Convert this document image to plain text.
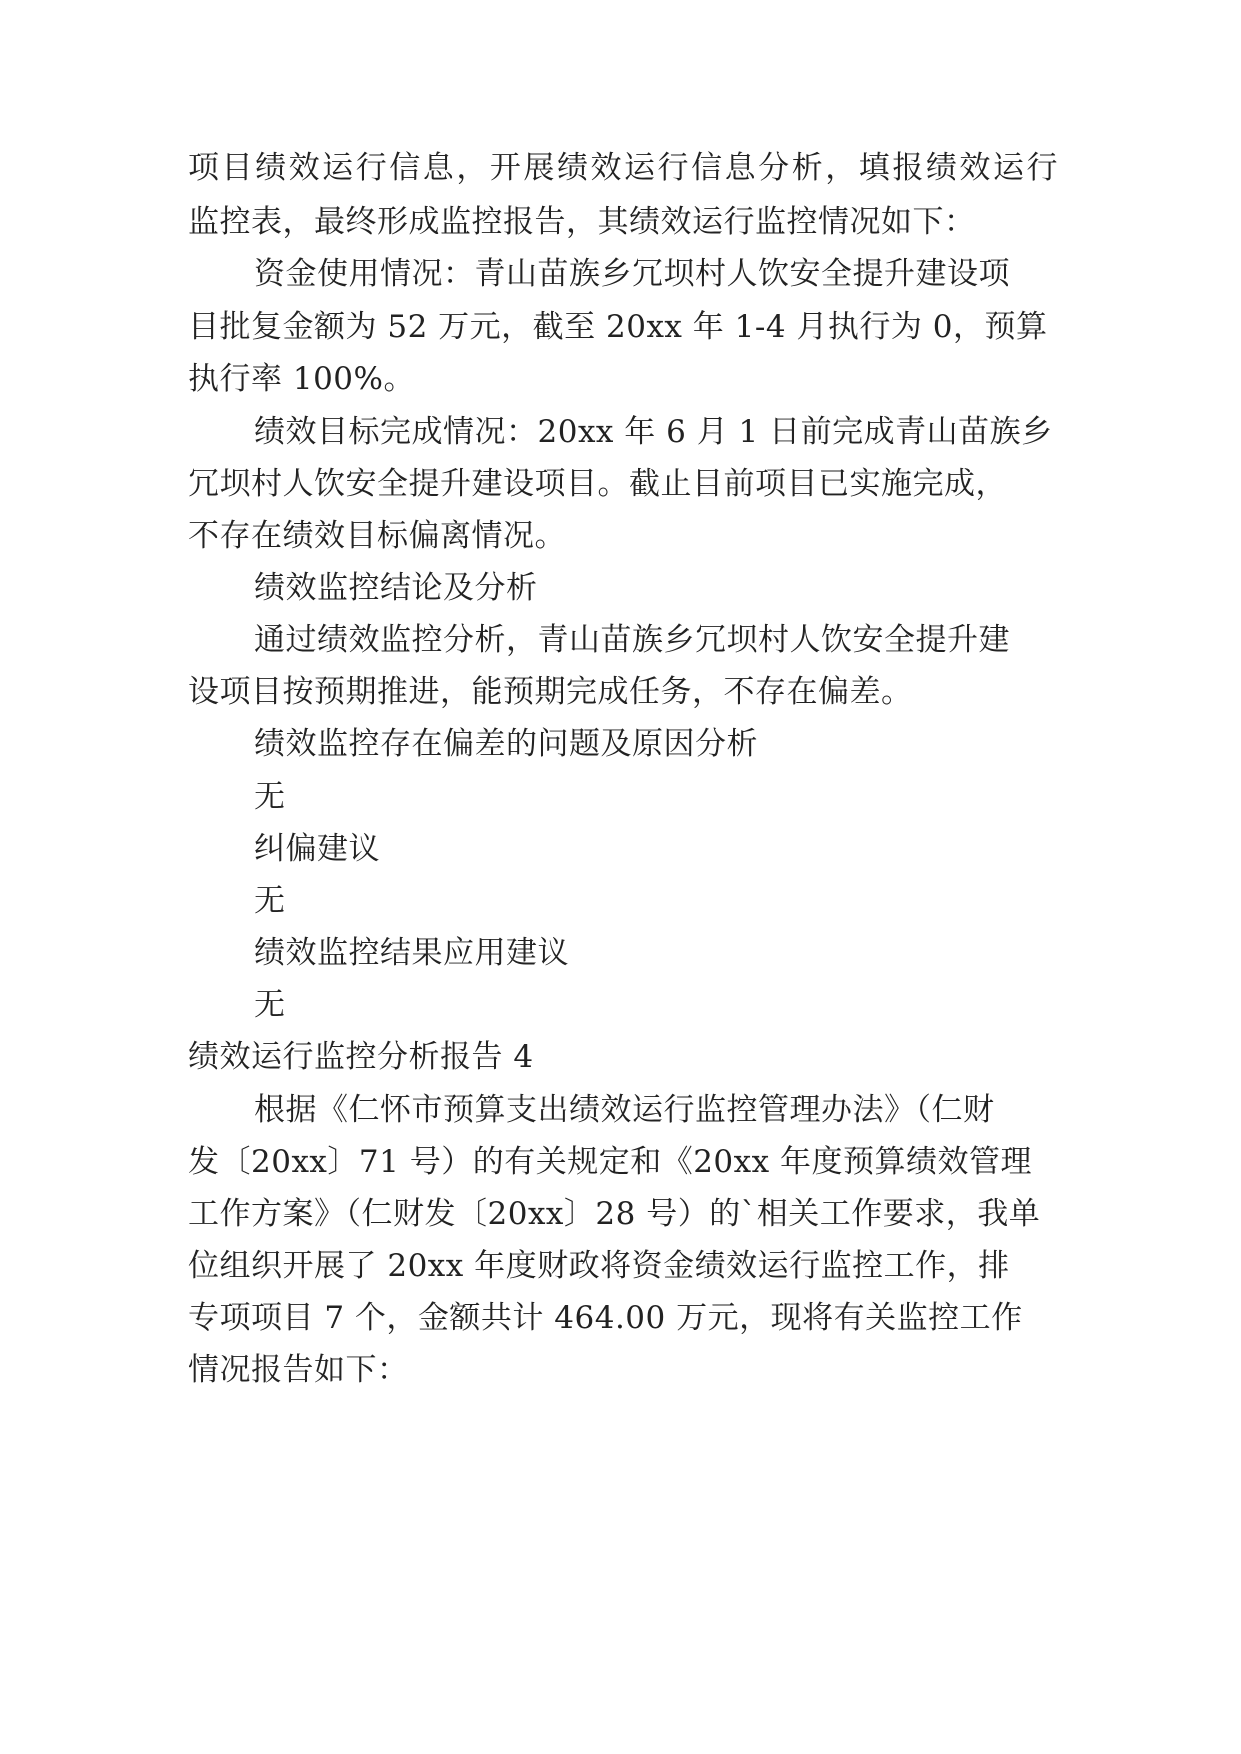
项目绩效运行信息，开展绩效运行信息分析，填报绩效运行
监控表，最终形成监控报告，其绩效运行监控情况如下：
资金使用情况：青山苗族乡冗坝村人饮安全提升建设项
目批复金额为 52 万元，截至 20xx 年 1-4 月执行为 0，预算
执行率 100%。
绩效目标完成情况：20xx 年 6 月 1 日前完成青山苗族乡
冗坝村人饮安全提升建设项目。截止目前项目已实施完成，
不存在绩效目标偏离情况。
绩效监控结论及分析
通过绩效监控分析，青山苗族乡冗坝村人饮安全提升建
设项目按预期推进，能预期完成任务，不存在偏差。
绩效监控存在偏差的问题及原因分析
无
纠偏建议
无
绩效监控结果应用建议
无
绩效运行监控分析报告 4
根据《仁怀市预算支出绩效运行监控管理办法》（仁财
发〔20xx〕71 号）的有关规定和《20xx 年度预算绩效管理
工作方案》（仁财发〔20xx〕28 号）的`相关工作要求，我单
位组织开展了 20xx 年度财政将资金绩效运行监控工作，排
专项项目 7 个，金额共计 464.00 万元，现将有关监控工作
情况报告如下：
